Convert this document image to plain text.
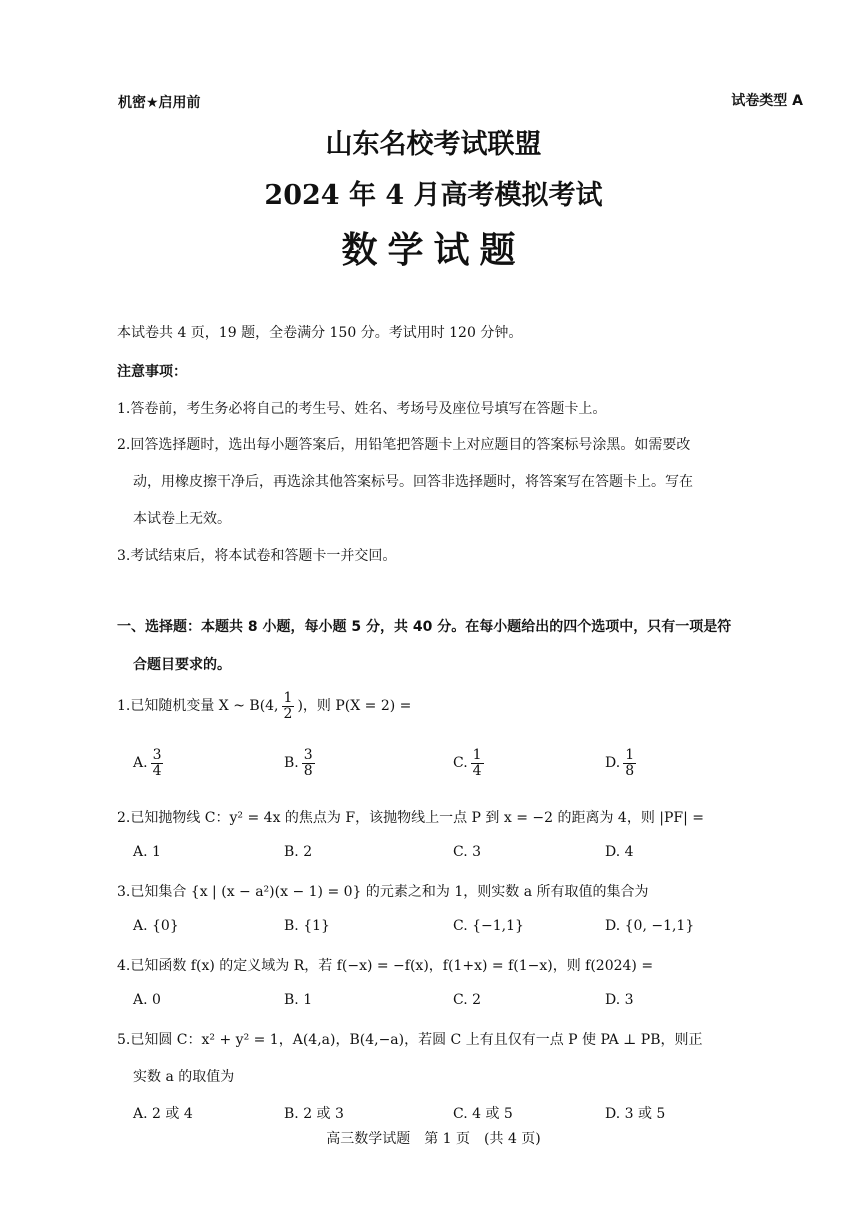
机密★启用前	试卷类型 A
山东名校考试联盟
2024 年 4 月高考模拟考试
数学试题
本试卷共 4 页，19 题，全卷满分 150 分。考试用时 120 分钟。
注意事项：
1.答卷前，考生务必将自己的考生号、姓名、考场号及座位号填写在答题卡上。
2.回答选择题时，选出每小题答案后，用铅笔把答题卡上对应题目的答案标号涂黑。如需要改
动，用橡皮擦干净后，再选涂其他答案标号。回答非选择题时，将答案写在答题卡上。写在
本试卷上无效。
3.考试结束后，将本试卷和答题卡一并交回。
一、选择题：本题共 8 小题，每小题 5 分，共 40 分。在每小题给出的四个选项中，只有一项是符
合题目要求的。
1.已知随机变量 X ~ B(4, $\frac{1}{2}$ )，则 P(X = 2) =
A. $\frac{3}{4}$	B. $\frac{3}{8}$	C. $\frac{1}{4}$	D. $\frac{1}{8}$
2.已知抛物线 C：y² = 4x 的焦点为 F，该抛物线上一点 P 到 x = −2 的距离为 4，则 |PF| =
A. 1	B. 2	C. 3	D. 4
3.已知集合 {x | (x − a²)(x − 1) = 0} 的元素之和为 1，则实数 a 所有取值的集合为
A. {0}	B. {1}	C. {−1,1}	D. {0, −1,1}
4.已知函数 f(x) 的定义域为 R，若 f(−x) = −f(x)，f(1+x) = f(1−x)，则 f(2024) =
A. 0	B. 1	C. 2	D. 3
5.已知圆 C：x² + y² = 1，A(4,a)，B(4,−a)，若圆 C 上有且仅有一点 P 使 PA ⊥ PB，则正
实数 a 的取值为
A. 2 或 4	B. 2 或 3	C. 4 或 5	D. 3 或 5
高三数学试题　第 1 页　(共 4 页)
